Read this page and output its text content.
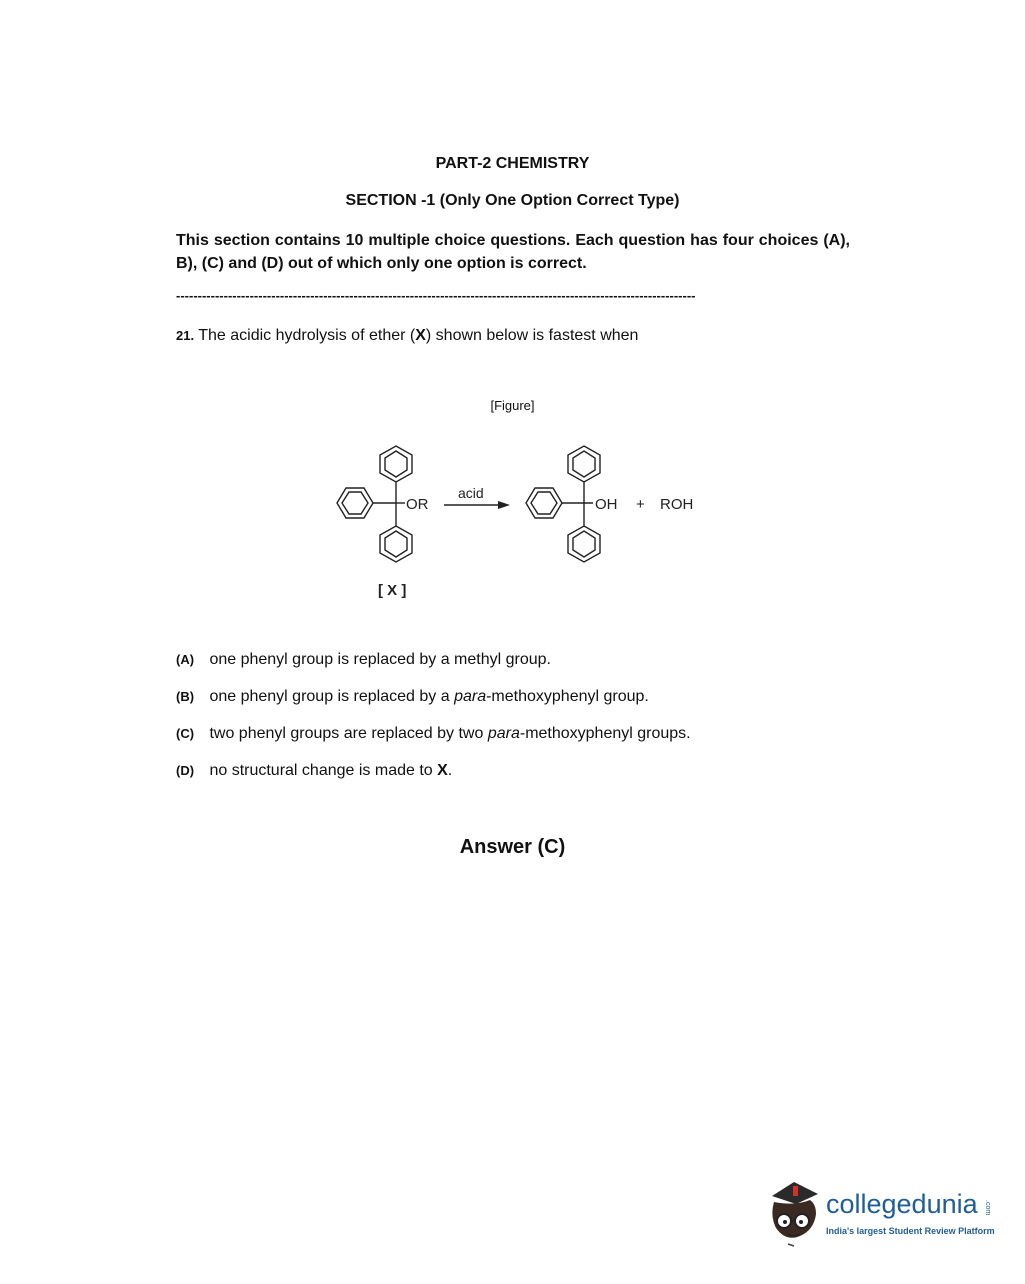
PART-2 CHEMISTRY
SECTION -1 (Only One Option Correct Type)
This section contains 10 multiple choice questions. Each question has four choices (A), B), (C) and (D) out of which only one option is correct.
------------------------------------------------------------------------------------------------------------------------
21. The acidic hydrolysis of ether (X) shown below is fastest when
[Figure]
OR
acid
OH + ROH
[ X ]
(A) one phenyl group is replaced by a methyl group.
(B) one phenyl group is replaced by a para-methoxyphenyl group.
(C) two phenyl groups are replaced by two para-methoxyphenyl groups.
(D) no structural change is made to X.
Answer (C)
collegedunia .com
India's largest Student Review Platform
